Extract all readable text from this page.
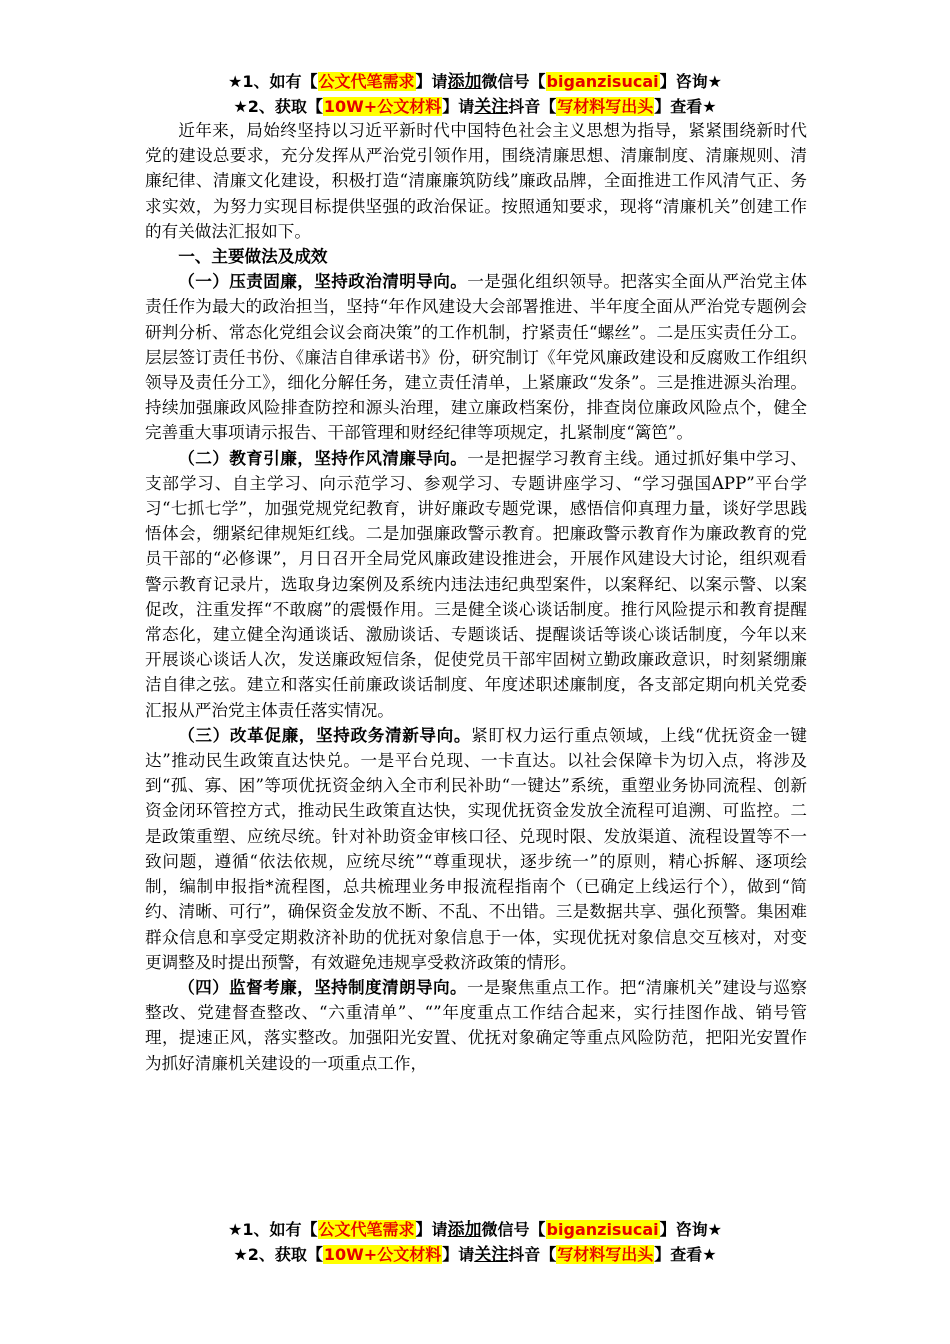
★1、如有【公文代笔需求】请添加微信号【biganzisucai】咨询★
★2、获取【10W+公文材料】请关注抖音【写材料写出头】查看★

近年来，局始终坚持以习近平新时代中国特色社会主义思想为指导，紧紧围绕新时代党的建设总要求，充分发挥从严治党引领作用，围绕清廉思想、清廉制度、清廉规则、清廉纪律、清廉文化建设，积极打造“清廉廉筑防线”廉政品牌，全面推进工作风清气正、务求实效，为努力实现目标提供坚强的政治保证。按照通知要求，现将“清廉机关”创建工作的有关做法汇报如下。

一、主要做法及成效

（一）压责固廉，坚持政治清明导向。一是强化组织领导。把落实全面从严治党主体责任作为最大的政治担当，坚持“年作风建设大会部署推进、半年度全面从严治党专题例会研判分析、常态化党组会议会商决策”的工作机制，拧紧责任“螺丝”。二是压实责任分工。层层签订责任书份、《廉洁自律承诺书》份，研究制订《年党风廉政建设和反腐败工作组织领导及责任分工》，细化分解任务，建立责任清单，上紧廉政“发条”。三是推进源头治理。持续加强廉政风险排查防控和源头治理，建立廉政档案份，排查岗位廉政风险点个，健全完善重大事项请示报告、干部管理和财经纪律等项规定，扎紧制度“篱笆”。

（二）教育引廉，坚持作风清廉导向。一是把握学习教育主线。通过抓好集中学习、支部学习、自主学习、向示范学习、参观学习、专题讲座学习、“学习强国APP”平台学习“七抓七学”，加强党规党纪教育，讲好廉政专题党课，感悟信仰真理力量，谈好学思践悟体会，绷紧纪律规矩红线。二是加强廉政警示教育。把廉政警示教育作为廉政教育的党员干部的“必修课”，月日召开全局党风廉政建设推进会，开展作风建设大讨论，组织观看警示教育记录片，选取身边案例及系统内违法违纪典型案件，以案释纪、以案示警、以案促改，注重发挥“不敢腐”的震慑作用。三是健全谈心谈话制度。推行风险提示和教育提醒常态化，建立健全沟通谈话、激励谈话、专题谈话、提醒谈话等谈心谈话制度，今年以来开展谈心谈话人次，发送廉政短信条，促使党员干部牢固树立勤政廉政意识，时刻紧绷廉洁自律之弦。建立和落实任前廉政谈话制度、年度述职述廉制度，各支部定期向机关党委汇报从严治党主体责任落实情况。

（三）改革促廉，坚持政务清新导向。紧盯权力运行重点领域，上线“优抚资金一键达”推动民生政策直达快兑。一是平台兑现、一卡直达。以社会保障卡为切入点，将涉及到“孤、寡、困”等项优抚资金纳入全市利民补助“一键达”系统，重塑业务协同流程、创新资金闭环管控方式，推动民生政策直达快，实现优抚资金发放全流程可追溯、可监控。二是政策重塑、应统尽统。针对补助资金审核口径、兑现时限、发放渠道、流程设置等不一致问题，遵循“依法依规，应统尽统”“尊重现状，逐步统一”的原则，精心拆解、逐项绘制，编制申报指*流程图，总共梳理业务申报流程指南个（已确定上线运行个），做到“简约、清晰、可行”，确保资金发放不断、不乱、不出错。三是数据共享、强化预警。集困难群众信息和享受定期救济补助的优抚对象信息于一体，实现优抚对象信息交互核对，对变更调整及时提出预警，有效避免违规享受救济政策的情形。

（四）监督考廉，坚持制度清朗导向。一是聚焦重点工作。把“清廉机关”建设与巡察整改、党建督查整改、“六重清单”、“”年度重点工作结合起来，实行挂图作战、销号管理，提速正风，落实整改。加强阳光安置、优抚对象确定等重点风险防范，把阳光安置作为抓好清廉机关建设的一项重点工作，

★1、如有【公文代笔需求】请添加微信号【biganzisucai】咨询★
★2、获取【10W+公文材料】请关注抖音【写材料写出头】查看★
